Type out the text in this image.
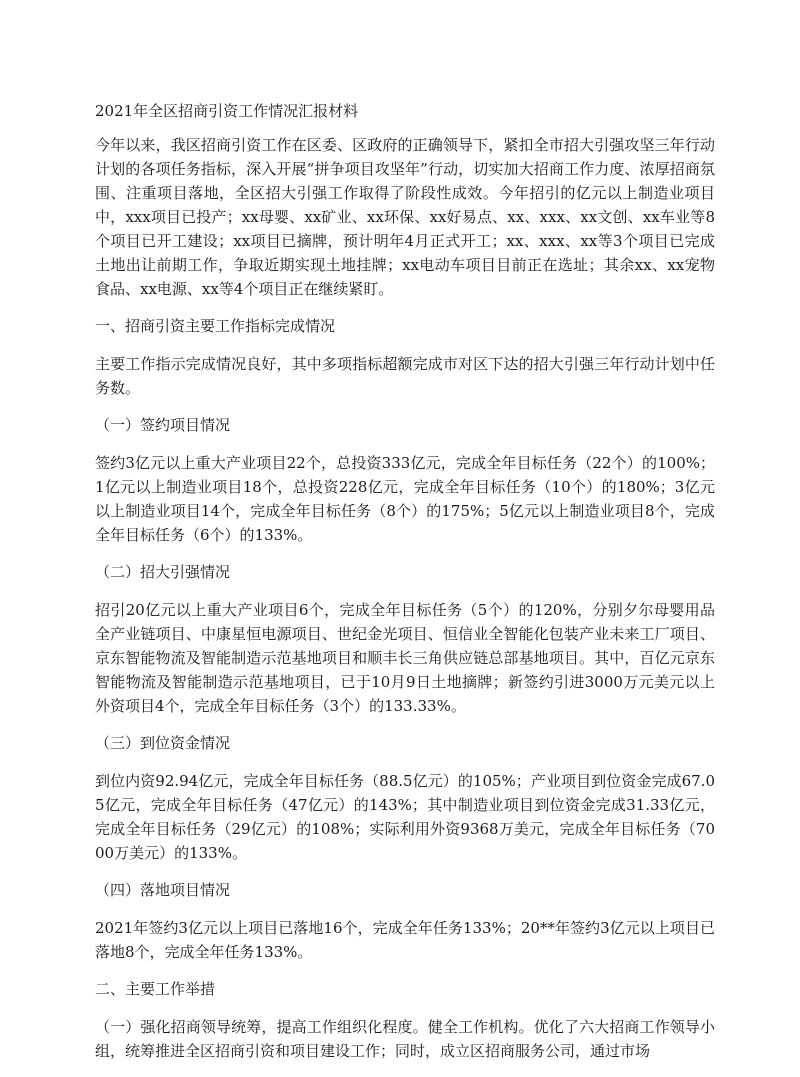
2021年全区招商引资工作情况汇报材料

今年以来，我区招商引资工作在区委、区政府的正确领导下，紧扣全市招大引强攻坚三年行动计划的各项任务指标，深入开展“拼争项目攻坚年”行动，切实加大招商工作力度、浓厚招商氛围、注重项目落地，全区招大引强工作取得了阶段性成效。今年招引的亿元以上制造业项目中，xxx项目已投产；xx母婴、xx矿业、xx环保、xx好易点、xx、xxx、xx文创、xx车业等8个项目已开工建设；xx项目已摘牌，预计明年4月正式开工；xx、xxx、xx等3个项目已完成土地出让前期工作，争取近期实现土地挂牌；xx电动车项目目前正在选址；其余xx、xx宠物食品、xx电源、xx等4个项目正在继续紧盯。

一、招商引资主要工作指标完成情况

主要工作指示完成情况良好，其中多项指标超额完成市对区下达的招大引强三年行动计划中任务数。

（一）签约项目情况

签约3亿元以上重大产业项目22个，总投资333亿元，完成全年目标任务（22个）的100%；1亿元以上制造业项目18个，总投资228亿元，完成全年目标任务（10个）的180%；3亿元以上制造业项目14个，完成全年目标任务（8个）的175%；5亿元以上制造业项目8个，完成全年目标任务（6个）的133%。

（二）招大引强情况

招引20亿元以上重大产业项目6个，完成全年目标任务（5个）的120%，分别夕尔母婴用品全产业链项目、中康星恒电源项目、世纪金光项目、恒信业全智能化包装产业未来工厂项目、京东智能物流及智能制造示范基地项目和顺丰长三角供应链总部基地项目。其中，百亿元京东智能物流及智能制造示范基地项目，已于10月9日土地摘牌；新签约引进3000万元美元以上外资项目4个，完成全年目标任务（3个）的133.33%。

（三）到位资金情况

到位内资92.94亿元，完成全年目标任务（88.5亿元）的105%；产业项目到位资金完成67.05亿元，完成全年目标任务（47亿元）的143%；其中制造业项目到位资金完成31.33亿元，完成全年目标任务（29亿元）的108%；实际利用外资9368万美元，完成全年目标任务（7000万美元）的133%。

（四）落地项目情况

2021年签约3亿元以上项目已落地16个，完成全年任务133%；20**年签约3亿元以上项目已落地8个，完成全年任务133%。

二、主要工作举措

（一）强化招商领导统筹，提高工作组织化程度。健全工作机构。优化了六大招商工作领导小组，统筹推进全区招商引资和项目建设工作；同时，成立区招商服务公司，通过市场
